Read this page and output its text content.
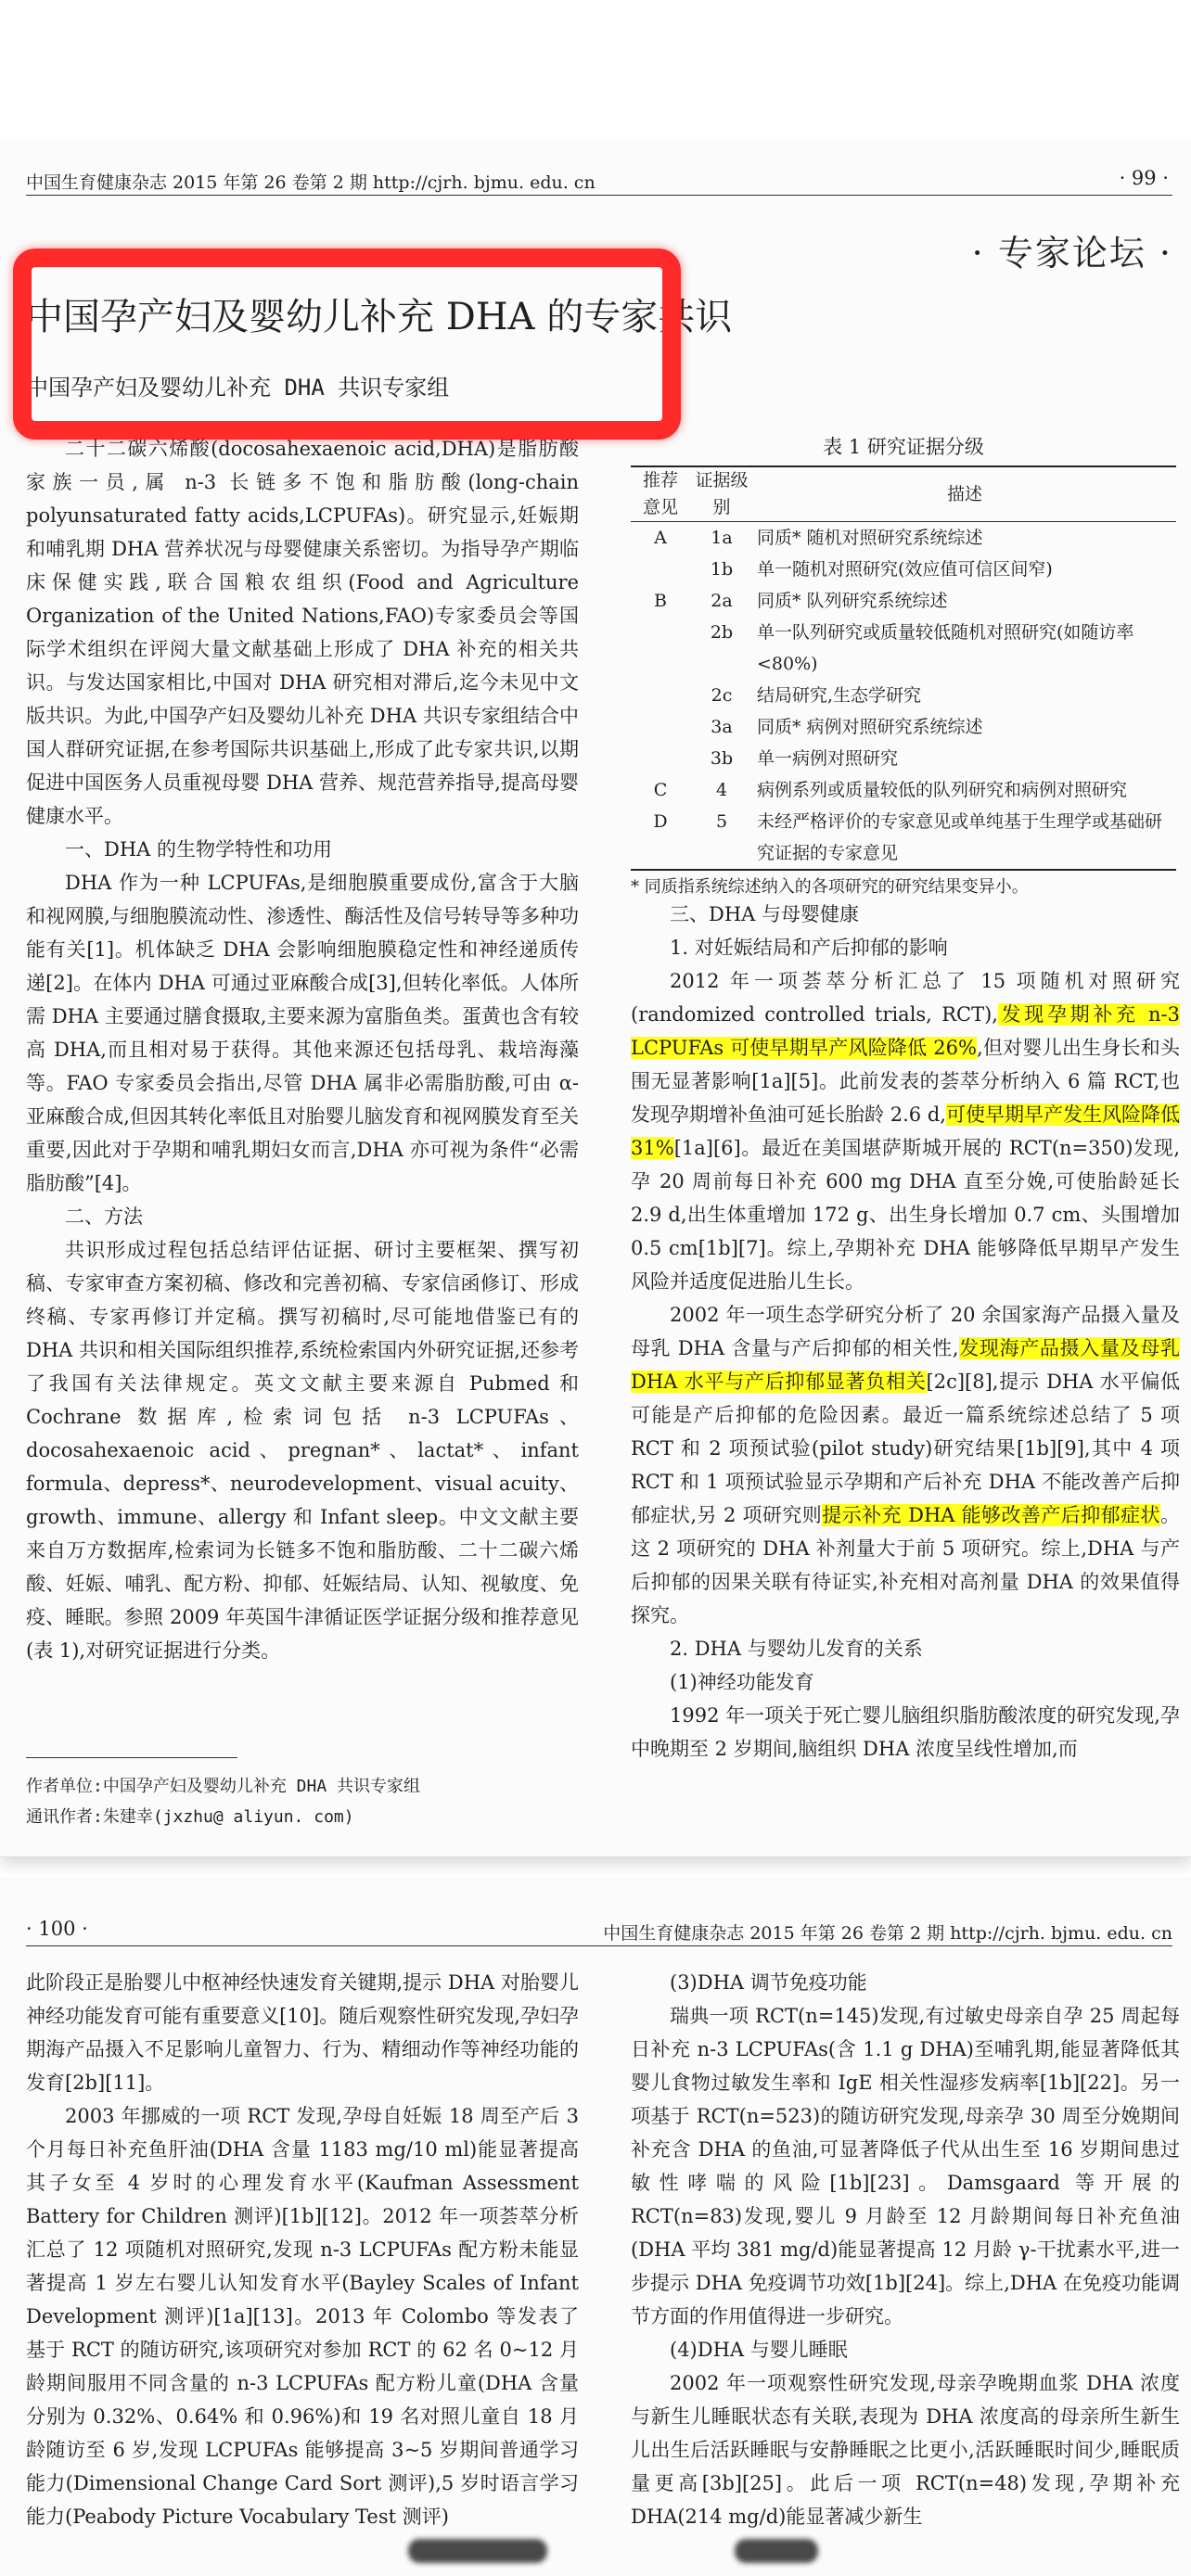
中国生育健康杂志 2015 年第 26 卷第 2 期 http://cjrh. bjmu. edu. cn	· 99 ·
· 专家论坛 ·
中国孕产妇及婴幼儿补充 DHA 的专家共识
中国孕产妇及婴幼儿补充 DHA 共识专家组

二十二碳六烯酸(docosahexaenoic acid,DHA)是脂肪酸家族一员,属 n-3 长链多不饱和脂肪酸(long-chain polyunsaturated fatty acids,LCPUFAs)。研究显示,妊娠期和哺乳期 DHA 营养状况与母婴健康关系密切。为指导孕产期临床保健实践,联合国粮农组织(Food and Agriculture Organization of the United Nations,FAO)专家委员会等国际学术组织在评阅大量文献基础上形成了 DHA 补充的相关共识。与发达国家相比,中国对 DHA 研究相对滞后,迄今未见中文版共识。为此,中国孕产妇及婴幼儿补充 DHA 共识专家组结合中国人群研究证据,在参考国际共识基础上,形成了此专家共识,以期促进中国医务人员重视母婴 DHA 营养、规范营养指导,提高母婴健康水平。

一、DHA 的生物学特性和功用

DHA 作为一种 LCPUFAs,是细胞膜重要成份,富含于大脑和视网膜,与细胞膜流动性、渗透性、酶活性及信号转导等多种功能有关[1]。机体缺乏 DHA 会影响细胞膜稳定性和神经递质传递[2]。在体内 DHA 可通过亚麻酸合成[3],但转化率低。人体所需 DHA 主要通过膳食摄取,主要来源为富脂鱼类。蛋黄也含有较高 DHA,而且相对易于获得。其他来源还包括母乳、栽培海藻等。FAO 专家委员会指出,尽管 DHA 属非必需脂肪酸,可由 α-亚麻酸合成,但因其转化率低且对胎婴儿脑发育和视网膜发育至关重要,因此对于孕期和哺乳期妇女而言,DHA 亦可视为条件“必需脂肪酸”[4]。

二、方法

共识形成过程包括总结评估证据、研讨主要框架、撰写初稿、专家审查方案初稿、修改和完善初稿、专家信函修订、形成终稿、专家再修订并定稿。撰写初稿时,尽可能地借鉴已有的 DHA 共识和相关国际组织推荐,系统检索国内外研究证据,还参考了我国有关法律规定。英文文献主要来源自 Pubmed 和 Cochrane 数据库,检索词包括 n-3 LCPUFAs、docosahexaenoic acid、pregnan*、lactat*、infant formula、depress*、neurodevelopment、visual acuity、growth、immune、allergy 和 Infant sleep。中文文献主要来自万方数据库,检索词为长链多不饱和脂肪酸、二十二碳六烯酸、妊娠、哺乳、配方粉、抑郁、妊娠结局、认知、视敏度、免疫、睡眠。参照 2009 年英国牛津循证医学证据分级和推荐意见(表 1),对研究证据进行分类。

作者单位:中国孕产妇及婴幼儿补充 DHA 共识专家组
通讯作者:朱建幸(jxzhu@ aliyun. com)
表 1 研究证据分级
推荐意见	证据级别	描述
A	1a	同质* 随机对照研究系统综述
	1b	单一随机对照研究(效应值可信区间窄)
B	2a	同质* 队列研究系统综述
	2b	单一队列研究或质量较低随机对照研究(如随访率<80%)
	2c	结局研究,生态学研究
	3a	同质* 病例对照研究系统综述
	3b	单一病例对照研究
C	4	病例系列或质量较低的队列研究和病例对照研究
D	5	未经严格评价的专家意见或单纯基于生理学或基础研究证据的专家意见
* 同质指系统综述纳入的各项研究的研究结果变异小。

三、DHA 与母婴健康

1. 对妊娠结局和产后抑郁的影响

2012 年一项荟萃分析汇总了 15 项随机对照研究(randomized controlled trials, RCT),发现孕期补充 n-3 LCPUFAs 可使早期早产风险降低 26%,但对婴儿出生身长和头围无显著影响[1a][5]。此前发表的荟萃分析纳入 6 篇 RCT,也发现孕期增补鱼油可延长胎龄 2.6 d,可使早期早产发生风险降低 31%[1a][6]。最近在美国堪萨斯城开展的 RCT(n=350)发现,孕 20 周前每日补充 600 mg DHA 直至分娩,可使胎龄延长 2.9 d,出生体重增加 172 g、出生身长增加 0.7 cm、头围增加 0.5 cm[1b][7]。综上,孕期补充 DHA 能够降低早期早产发生风险并适度促进胎儿生长。

2002 年一项生态学研究分析了 20 余国家海产品摄入量及母乳 DHA 含量与产后抑郁的相关性,发现海产品摄入量及母乳 DHA 水平与产后抑郁显著负相关[2c][8],提示 DHA 水平偏低可能是产后抑郁的危险因素。最近一篇系统综述总结了 5 项 RCT 和 2 项预试验(pilot study)研究结果[1b][9],其中 4 项 RCT 和 1 项预试验显示孕期和产后补充 DHA 不能改善产后抑郁症状,另 2 项研究则提示补充 DHA 能够改善产后抑郁症状。这 2 项研究的 DHA 补剂量大于前 5 项研究。综上,DHA 与产后抑郁的因果关联有待证实,补充相对高剂量 DHA 的效果值得探究。

2. DHA 与婴幼儿发育的关系

(1)神经功能发育

1992 年一项关于死亡婴儿脑组织脂肪酸浓度的研究发现,孕中晚期至 2 岁期间,脑组织 DHA 浓度呈线性增加,而

· 100 ·	中国生育健康杂志 2015 年第 26 卷第 2 期 http://cjrh. bjmu. edu. cn

此阶段正是胎婴儿中枢神经快速发育关键期,提示 DHA 对胎婴儿神经功能发育可能有重要意义[10]。随后观察性研究发现,孕妇孕期海产品摄入不足影响儿童智力、行为、精细动作等神经功能的发育[2b][11]。

2003 年挪威的一项 RCT 发现,孕母自妊娠 18 周至产后 3 个月每日补充鱼肝油(DHA 含量 1183 mg/10 ml)能显著提高其子女至 4 岁时的心理发育水平(Kaufman Assessment Battery for Children 测评)[1b][12]。2012 年一项荟萃分析汇总了 12 项随机对照研究,发现 n-3 LCPUFAs 配方粉未能显著提高 1 岁左右婴儿认知发育水平(Bayley Scales of Infant Development 测评)[1a][13]。2013 年 Colombo 等发表了基于 RCT 的随访研究,该项研究对参加 RCT 的 62 名 0~12 月龄期间服用不同含量的 n-3 LCPUFAs 配方粉儿童(DHA 含量分别为 0.32%、0.64% 和 0.96%)和 19 名对照儿童自 18 月龄随访至 6 岁,发现 LCPUFAs 能够提高 3~5 岁期间普通学习能力(Dimensional Change Card Sort 测评),5 岁时语言学习能力(Peabody Picture Vocabulary Test 测评)

(3)DHA 调节免疫功能

瑞典一项 RCT(n=145)发现,有过敏史母亲自孕 25 周起每日补充 n-3 LCPUFAs(含 1.1 g DHA)至哺乳期,能显著降低其婴儿食物过敏发生率和 IgE 相关性湿疹发病率[1b][22]。另一项基于 RCT(n=523)的随访研究发现,母亲孕 30 周至分娩期间补充含 DHA 的鱼油,可显著降低子代从出生至 16 岁期间患过敏性哮喘的风险[1b][23]。Damsgaard 等开展的 RCT(n=83)发现,婴儿 9 月龄至 12 月龄期间每日补充鱼油(DHA 平均 381 mg/d)能显著提高 12 月龄 γ-干扰素水平,进一步提示 DHA 免疫调节功效[1b][24]。综上,DHA 在免疫功能调节方面的作用值得进一步研究。

(4)DHA 与婴儿睡眠

2002 年一项观察性研究发现,母亲孕晚期血浆 DHA 浓度与新生儿睡眠状态有关联,表现为 DHA 浓度高的母亲所生新生儿出生后活跃睡眠与安静睡眠之比更小,活跃睡眠时间少,睡眠质量更高[3b][25]。此后一项 RCT(n=48)发现,孕期补充 DHA(214 mg/d)能显著减少新生
